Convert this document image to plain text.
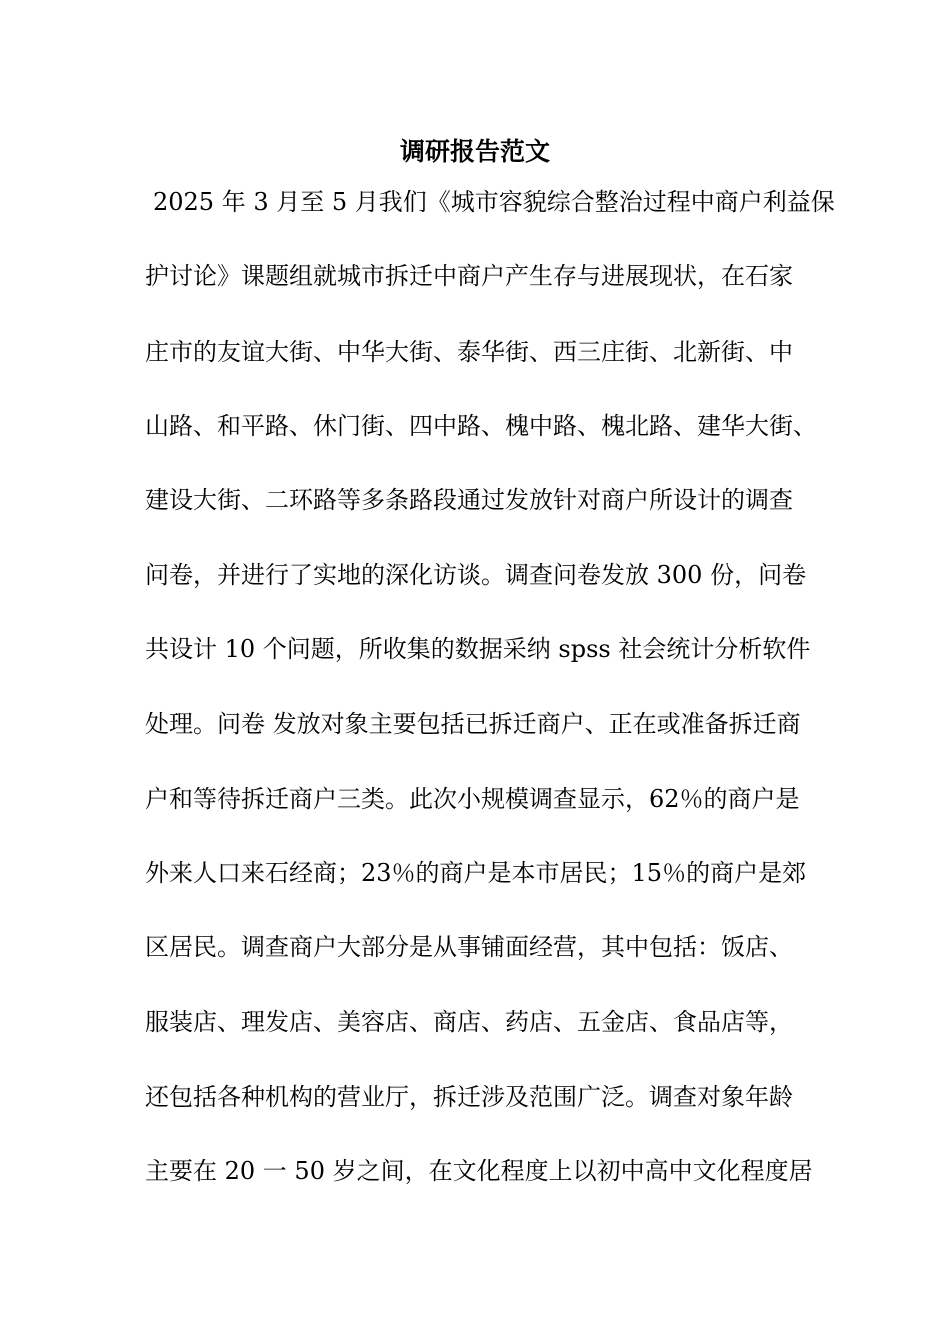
调研报告范文
2025 年 3 月至 5 月我们《城市容貌综合整治过程中商户利益保
护讨论》课题组就城市拆迁中商户产生存与进展现状，在石家
庄市的友谊大街、中华大街、泰华街、西三庄街、北新街、中
山路、和平路、休门街、四中路、槐中路、槐北路、建华大街、
建设大街、二环路等多条路段通过发放针对商户所设计的调查
问卷，并进行了实地的深化访谈。调查问卷发放 300 份，问卷
共设计 10 个问题，所收集的数据采纳 spss 社会统计分析软件
处理。问卷 发放对象主要包括已拆迁商户、正在或准备拆迁商
户和等待拆迁商户三类。此次小规模调查显示，62％的商户是
外来人口来石经商；23％的商户是本市居民；15％的商户是郊
区居民。调查商户大部分是从事铺面经营，其中包括：饭店、
服装店、理发店、美容店、商店、药店、五金店、食品店等，
还包括各种机构的营业厅，拆迁涉及范围广泛。调查对象年龄
主要在 20 一 50 岁之间，在文化程度上以初中高中文化程度居
